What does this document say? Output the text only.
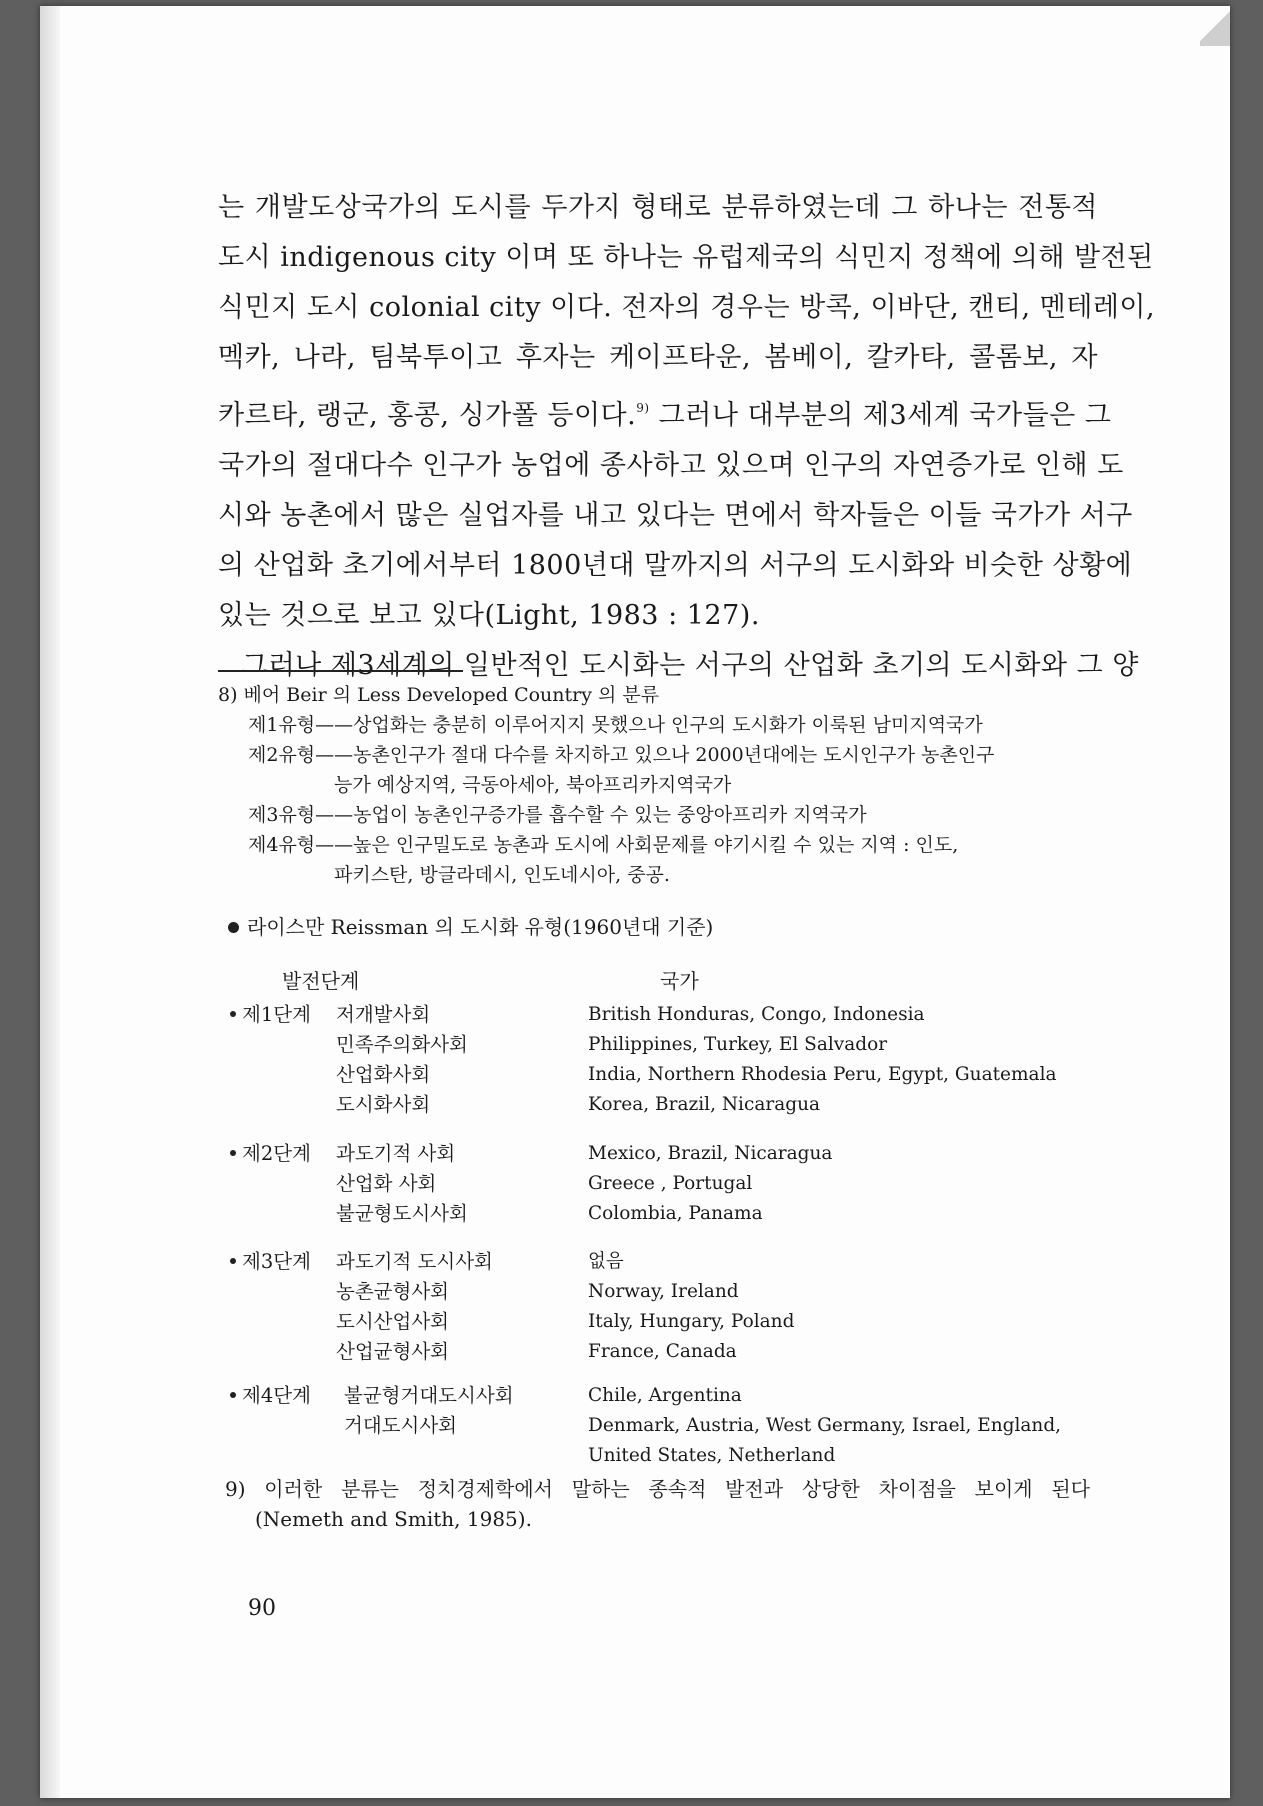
는 개발도상국가의 도시를 두가지 형태로 분류하였는데 그 하나는 전통적
도시 indigenous city 이며 또 하나는 유럽제국의 식민지 정책에 의해 발전된
식민지 도시 colonial city 이다. 전자의 경우는 방콕, 이바단, 캔티, 멘테레이,
멕카, 나라, 팀북투이고 후자는 케이프타운, 봄베이, 칼카타, 콜롬보, 자
카르타, 랭군, 홍콩, 싱가폴 등이다.$^{9)}$ 그러나 대부분의 제3세계 국가들은 그
국가의 절대다수 인구가 농업에 종사하고 있으며 인구의 자연증가로 인해 도
시와 농촌에서 많은 실업자를 내고 있다는 면에서 학자들은 이들 국가가 서구
의 산업화 초기에서부터 1800년대 말까지의 서구의 도시화와 비슷한 상황에
있는 것으로 보고 있다(Light, 1983 : 127).
그러나 제3세계의 일반적인 도시화는 서구의 산업화 초기의 도시화와 그 양
8) 베어 Beir 의 Less Developed Country 의 분류
제1유형——상업화는 충분히 이루어지지 못했으나 인구의 도시화가 이룩된 남미지역국가
제2유형——농촌인구가 절대 다수를 차지하고 있으나 2000년대에는 도시인구가 농촌인구
능가 예상지역, 극동아세아, 북아프리카지역국가
제3유형——농업이 농촌인구증가를 흡수할 수 있는 중앙아프리카 지역국가
제4유형——높은 인구밀도로 농촌과 도시에 사회문제를 야기시킬 수 있는 지역 : 인도,
파키스탄, 방글라데시, 인도네시아, 중공.
라이스만 Reissman 의 도시화 유형(1960년대 기준)
발전단계	국가
제1단계 저개발사회	British Honduras, Congo, Indonesia
민족주의화사회	Philippines, Turkey, El Salvador
산업화사회	India, Northern Rhodesia Peru, Egypt, Guatemala
도시화사회	Korea, Brazil, Nicaragua
제2단계 과도기적 사회	Mexico, Brazil, Nicaragua
산업화 사회	Greece , Portugal
불균형도시사회	Colombia, Panama
제3단계 과도기적 도시사회	없음
농촌균형사회	Norway, Ireland
도시산업사회	Italy, Hungary, Poland
산업균형사회	France, Canada
제4단계 불균형거대도시사회	Chile, Argentina
거대도시사회	Denmark, Austria, West Germany, Israel, England,
United States, Netherland
9) 이러한 분류는 정치경제학에서 말하는 종속적 발전과 상당한 차이점을 보이게 된다
(Nemeth and Smith, 1985).
90
